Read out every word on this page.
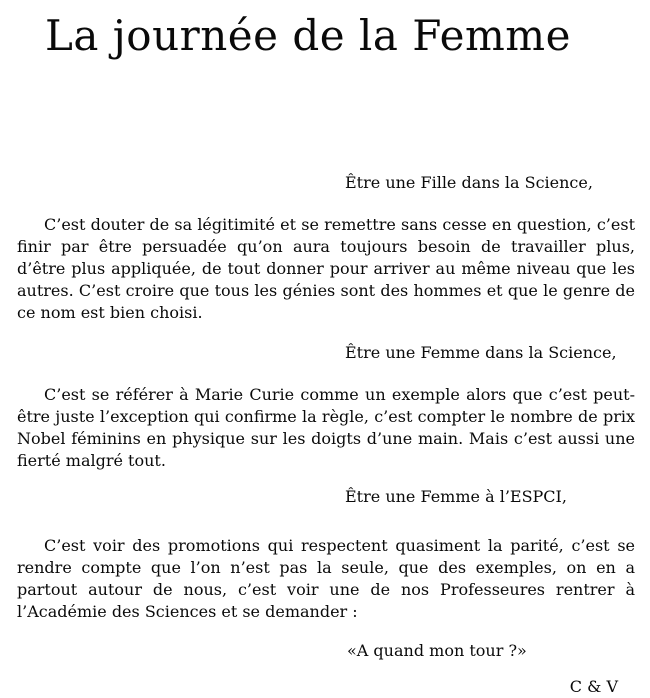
La journée de la Femme
Être une Fille dans la Science,

C’est douter de sa légitimité et se remettre sans cesse en question, c’est finir par être persuadée qu’on aura toujours besoin de travailler plus, d’être plus appliquée, de tout donner pour arriver au même niveau que les autres. C’est croire que tous les génies sont des hommes et que le genre de ce nom est bien choisi.

Être une Femme dans la Science,

C’est se référer à Marie Curie comme un exemple alors que c’est peut-être juste l’exception qui confirme la règle, c’est compter le nombre de prix Nobel féminins en physique sur les doigts d’une main. Mais c’est aussi une fierté malgré tout.

Être une Femme à l’ESPCI,

C’est voir des promotions qui respectent quasiment la parité, c’est se rendre compte que l’on n’est pas la seule, que des exemples, on en a partout autour de nous, c’est voir une de nos Professeures rentrer à l’Académie des Sciences et se demander :

«A quand mon tour ?»
C & V
